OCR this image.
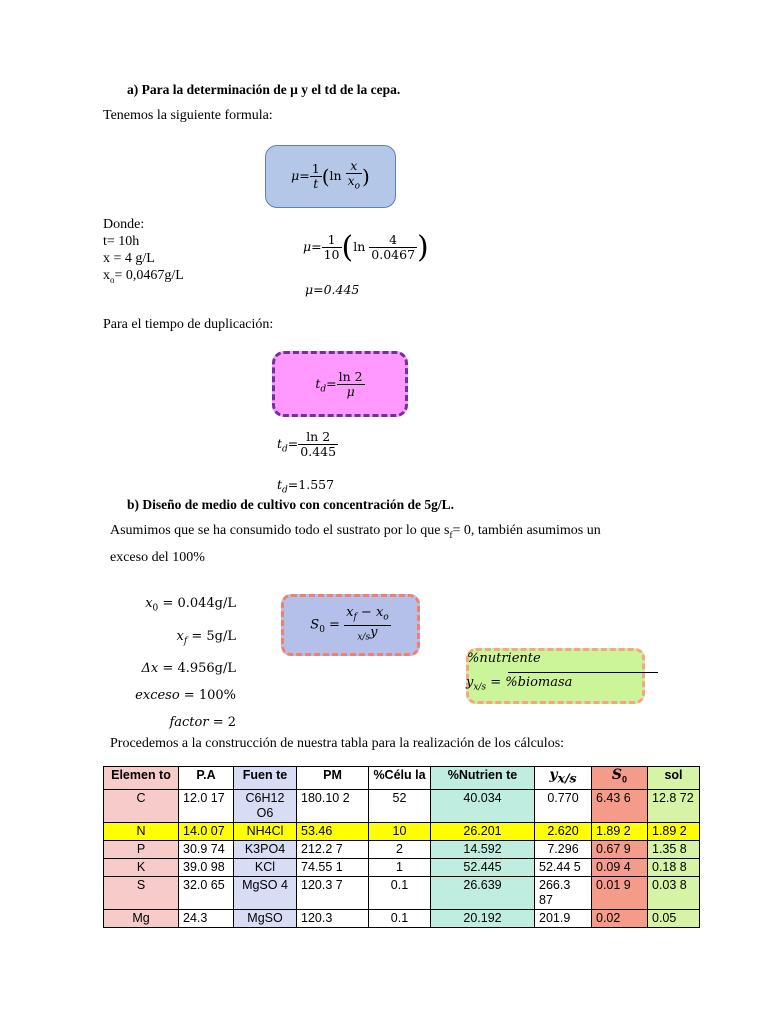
a) Para la determinación de µ y el td de la cepa.
Tenemos la siguiente formula:
$\mu= \frac{1}{t} (\ln \frac{x}{x_o}$ )
Donde:
t= 10h
x = 4 g/L
$x_o= 0,0467g/L$
$\mu= \frac{1}{10} (\ln \frac{4}{0.0467}$ )
μ=0.445
Para el tiempo de duplicación:
$t_d= \frac{\ln 2}{\mu}$
$t_d= \frac{\ln 2}{0.445}$
$t_d=1.557$
b) Diseño de medio de cultivo con concentración de 5g/L.
Asumimos que se ha consumido todo el sustrato por lo que $s_f= 0$, también asumimos un
exceso del 100%
$x_0 = 0.044g/L$
$x_f = 5g/L$
Δx = 4.956g/L
exceso = 100%
factor = 2
$S_0 = \frac{x_f - x_o}{_{x/s}y}$
%nutriente
$y_{x/s}$ = %biomasa
Procedemos a la construcción de nuestra tabla para la realización de los cálculos:
Elemen to	P.A	Fuen te	PM	%Célu la	%Nutrien te	$y_{x/s}$	$S_0$	sol
C	12.0 17	C6H12 O6	180.10 2	52	40.034	0.770	6.43 6	12.8 72
N	14.0 07	NH4Cl	53.46	10	26.201	2.620	1.89 2	1.89 2
P	30.9 74	K3PO4	212.2 7	2	14.592	7.296	0.67 9	1.35 8
K	39.0 98	KCl	74.55 1	1	52.445	52.44 5	0.09 4	0.18 8
S	32.0 65	MgSO 4	120.3 7	0.1	26.639	266.3 87	0.01 9	0.03 8
Mg	24.3	MgSO	120.3	0.1	20.192	201.9	0.02	0.05
